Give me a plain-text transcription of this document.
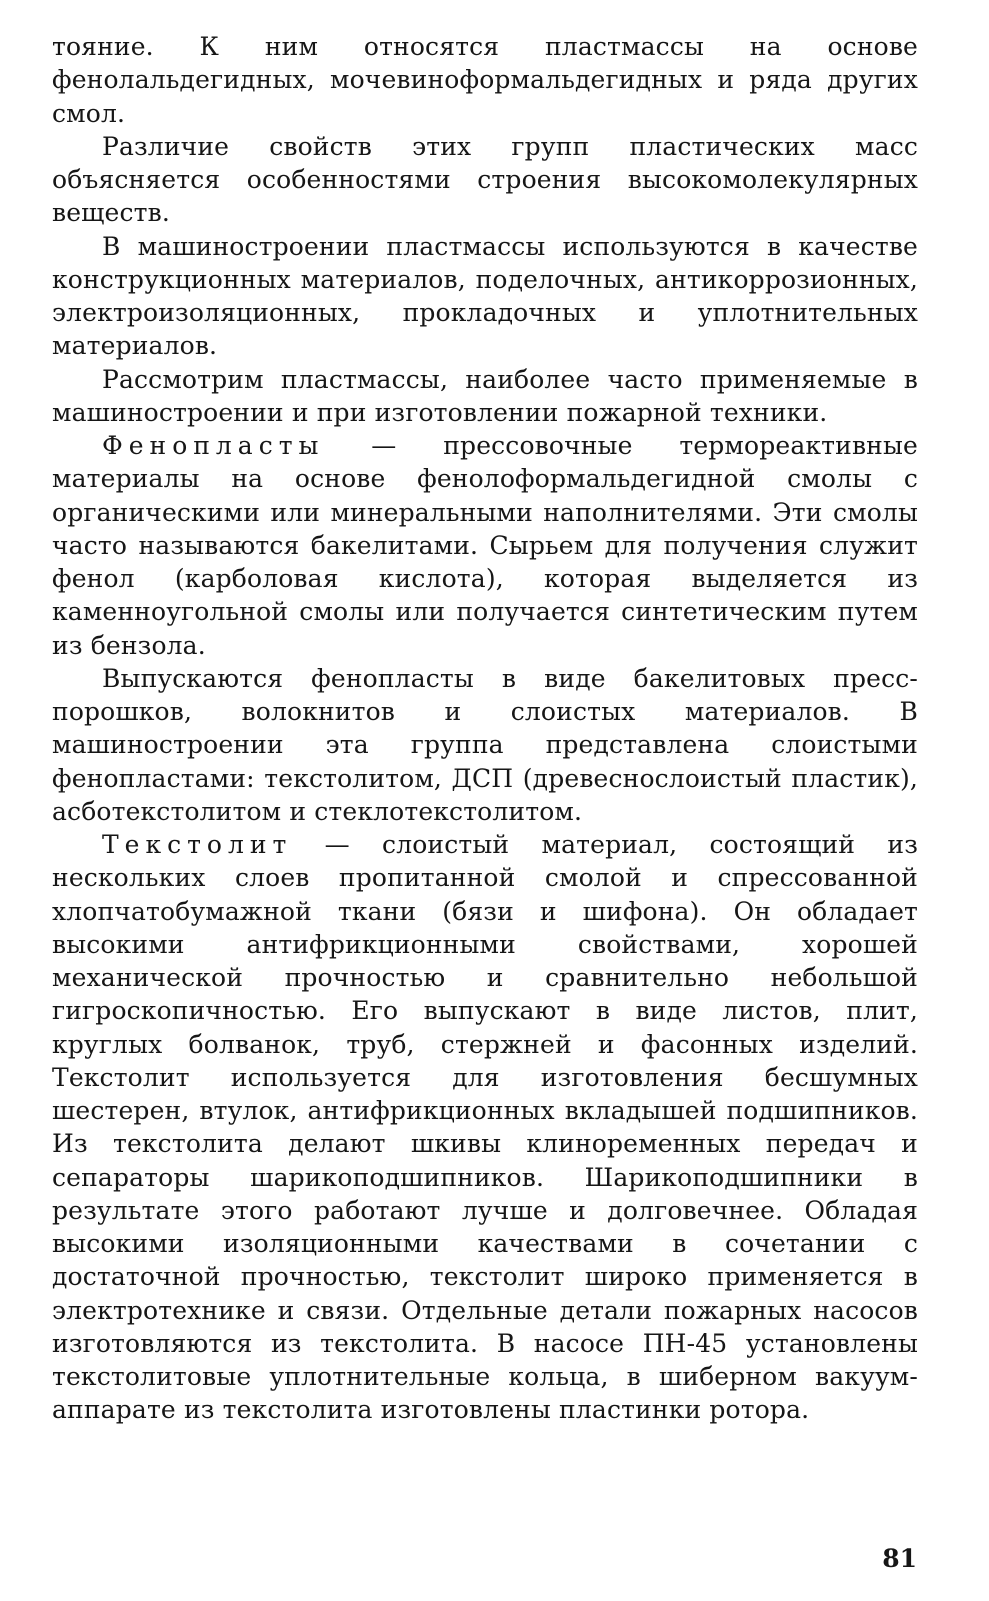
тояние. К ним относятся пластмассы на основе фенолальдегидных, мочевиноформальдегидных и ряда других смол.

Различие свойств этих групп пластических масс объясняется особенностями строения высокомолекулярных веществ.

В машиностроении пластмассы используются в качестве конструкционных материалов, поделочных, антикоррозионных, электроизоляционных, прокладочных и уплотнительных материалов.

Рассмотрим пластмассы, наиболее часто применяемые в машиностроении и при изготовлении пожарной техники.

Фенопласты — прессовочные термореактивные материалы на основе фенолоформальдегидной смолы с органическими или минеральными наполнителями. Эти смолы часто называются бакелитами. Сырьем для получения служит фенол (карболовая кислота), которая выделяется из каменноугольной смолы или получается синтетическим путем из бензола.

Выпускаются фенопласты в виде бакелитовых пресс-порошков, волокнитов и слоистых материалов. В машиностроении эта группа представлена слоистыми фенопластами: текстолитом, ДСП (древеснослоистый пластик), асботекстолитом и стеклотекстолитом.

Текстолит — слоистый материал, состоящий из нескольких слоев пропитанной смолой и спрессованной хлопчатобумажной ткани (бязи и шифона). Он обладает высокими антифрикционными свойствами, хорошей механической прочностью и сравнительно небольшой гигроскопичностью. Его выпускают в виде листов, плит, круглых болванок, труб, стержней и фасонных изделий. Текстолит используется для изготовления бесшумных шестерен, втулок, антифрикционных вкладышей подшипников. Из текстолита делают шкивы клиноременных передач и сепараторы шарикоподшипников. Шарикоподшипники в результате этого работают лучше и долговечнее. Обладая высокими изоляционными качествами в сочетании с достаточной прочностью, текстолит широко применяется в электротехнике и связи. Отдельные детали пожарных насосов изготовляются из текстолита. В насосе ПН-45 установлены текстолитовые уплотнительные кольца, в шиберном вакуум-аппарате из текстолита изготовлены пластинки ротора.

81
